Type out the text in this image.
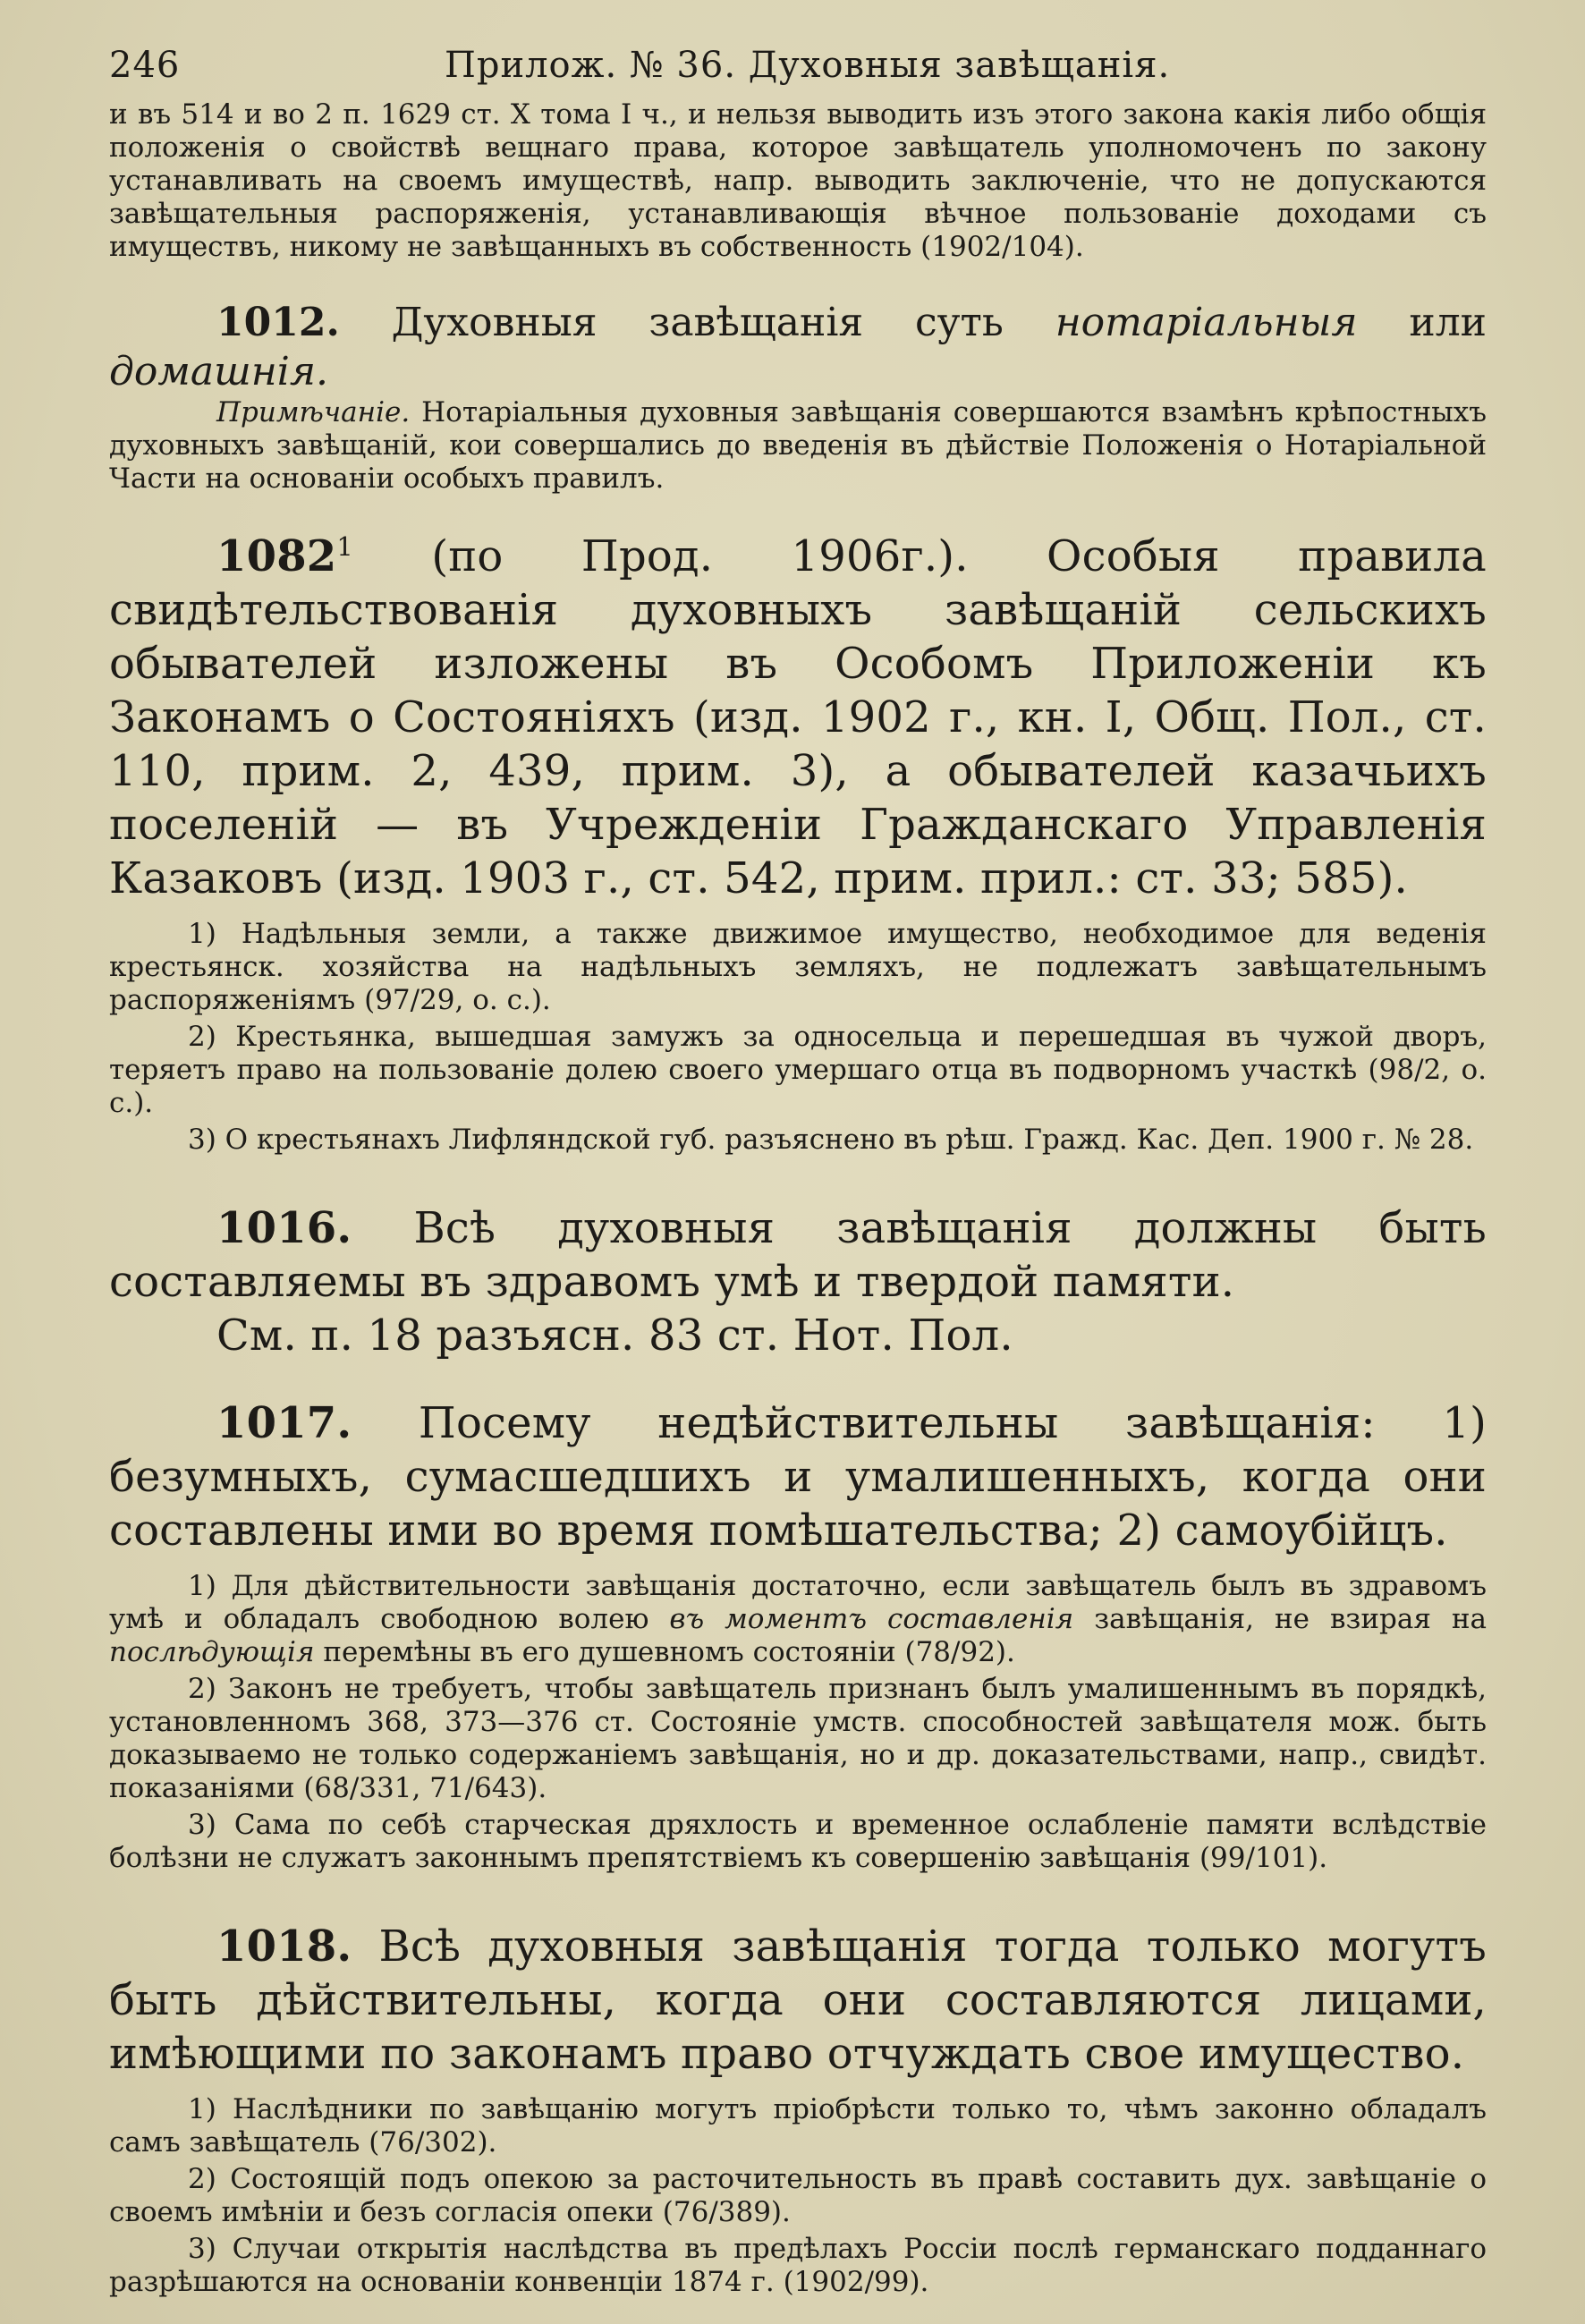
246	Прилож. № 36. Духовныя завѣщанія.

и въ 514 и во 2 п. 1629 ст. X тома I ч., и нельзя выводить изъ этого закона какія либо общія положенія о свойствѣ вещнаго права, которое завѣщатель уполномоченъ по закону устанавливать на своемъ имуществѣ, напр. выводить заключеніе, что не допускаются завѣщательныя распоряженія, устанавливающія вѣчное пользованіе доходами съ имуществъ, никому не завѣщанныхъ въ собственность (1902/104).

1012. Духовныя завѣщанія суть нотаріальныя или домашнія.

Примѣчаніе. Нотаріальныя духовныя завѣщанія совершаются взамѣнъ крѣпостныхъ духовныхъ завѣщаній, кои совершались до введенія въ дѣйствіе Положенія о Нотаріальной Части на основаніи особыхъ правилъ.

1082$^1$ (по Прод. 1906г.). Особыя правила свидѣтельствованія духовныхъ завѣщаній сельскихъ обывателей изложены въ Особомъ Приложеніи къ Законамъ о Состояніяхъ (изд. 1902 г., кн. I, Общ. Пол., ст. 110, прим. 2, 439, прим. 3), а обывателей казачьихъ поселеній — въ Учрежденіи Гражданскаго Управленія Казаковъ (изд. 1903 г., ст. 542, прим. прил.: ст. 33; 585).

1) Надѣльныя земли, а также движимое имущество, необходимое для веденія крестьянск. хозяйства на надѣльныхъ земляхъ, не подлежатъ завѣщательнымъ распоряженіямъ (97/29, о. с.).

2) Крестьянка, вышедшая замужъ за односельца и перешедшая въ чужой дворъ, теряетъ право на пользованіе долею своего умершаго отца въ подворномъ участкѣ (98/2, о. с.).

3) О крестьянахъ Лифляндской губ. разъяснено въ рѣш. Гражд. Кас. Деп. 1900 г. № 28.

1016. Всѣ духовныя завѣщанія должны быть составляемы въ здравомъ умѣ и твердой памяти.

См. п. 18 разъясн. 83 ст. Нот. Пол.

1017. Посему недѣйствительны завѣщанія: 1) безумныхъ, сумасшедшихъ и умалишенныхъ, когда они составлены ими во время помѣшательства; 2) самоубійцъ.

1) Для дѣйствительности завѣщанія достаточно, если завѣщатель былъ въ здравомъ умѣ и обладалъ свободною волею въ моментъ составленія завѣщанія, не взирая на послѣдующія перемѣны въ его душевномъ состояніи (78/92).

2) Законъ не требуетъ, чтобы завѣщатель признанъ былъ умалишеннымъ въ порядкѣ, установленномъ 368, 373—376 ст. Состояніе умств. способностей завѣщателя мож. быть доказываемо не только содержаніемъ завѣщанія, но и др. доказательствами, напр., свидѣт. показаніями (68/331, 71/643).

3) Сама по себѣ старческая дряхлость и временное ослабленіе памяти вслѣдствіе болѣзни не служатъ законнымъ препятствіемъ къ совершенію завѣщанія (99/101).

1018. Всѣ духовныя завѣщанія тогда только могутъ быть дѣйствительны, когда они составляются лицами, имѣющими по законамъ право отчуждать свое имущество.

1) Наслѣдники по завѣщанію могутъ пріобрѣсти только то, чѣмъ законно обладалъ самъ завѣщатель (76/302).

2) Состоящій подъ опекою за расточительность въ правѣ составить дух. завѣщаніе о своемъ имѣніи и безъ согласія опеки (76/389).

3) Случаи открытія наслѣдства въ предѣлахъ Россіи послѣ германскаго подданнаго разрѣшаются на основаніи конвенціи 1874 г. (1902/99).
